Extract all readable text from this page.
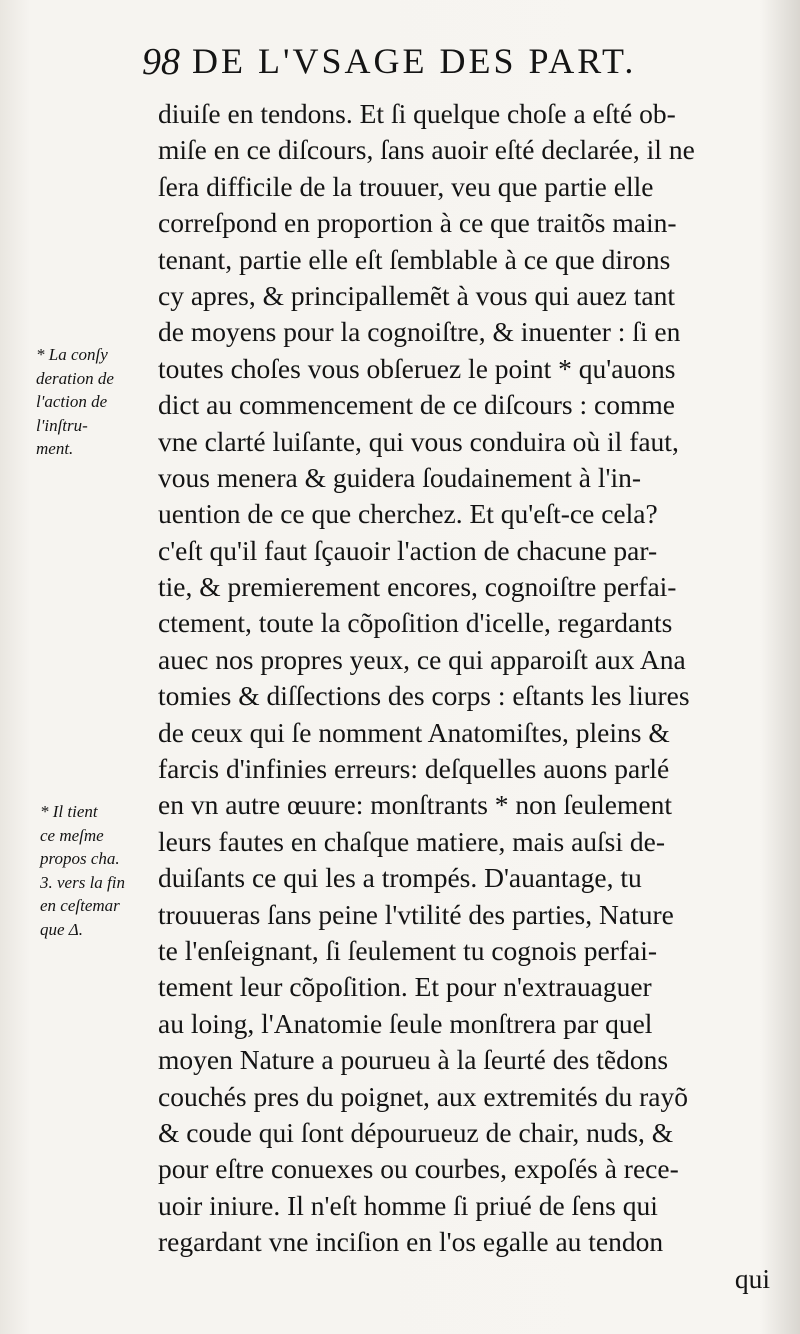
98 DE L'VSAGE DES PART.
* La conſy
deration de
l'action de
l'inſtru-
ment.
* Il tient
ce meſme
propos cha.
3. vers la fin
en ceſtemar
que Δ.
diuiſe en tendons. Et ſi quelque choſe a eſté ob-
miſe en ce diſcours, ſans auoir eſté declarée, il ne
ſera difficile de la trouuer, veu que partie elle
correſpond en proportion à ce que traitõs main-
tenant, partie elle eſt ſemblable à ce que dirons
cy apres, & principallemẽt à vous qui auez tant
de moyens pour la cognoiſtre, & inuenter : ſi en
toutes choſes vous obſeruez le point * qu'auons
dict au commencement de ce diſcours : comme
vne clarté luiſante, qui vous conduira où il faut,
vous menera & guidera ſoudainement à l'in-
uention de ce que cherchez. Et qu'eſt-ce cela?
c'eſt qu'il faut ſçauoir l'action de chacune par-
tie, & premierement encores, cognoiſtre perfai-
ctement, toute la cõpoſition d'icelle, regardants
auec nos propres yeux, ce qui apparoiſt aux Ana
tomies & diſſections des corps : eſtants les liures
de ceux qui ſe nomment Anatomiſtes, pleins &
farcis d'infinies erreurs: deſquelles auons parlé
en vn autre œuure: monſtrants * non ſeulement
leurs fautes en chaſque matiere, mais auſsi de-
duiſants ce qui les a trompés. D'auantage, tu
trouueras ſans peine l'vtilité des parties, Nature
te l'enſeignant, ſi ſeulement tu cognois perfai-
tement leur cõpoſition. Et pour n'extrauaguer
au loing, l'Anatomie ſeule monſtrera par quel
moyen Nature a pourueu à la ſeurté des tẽdons
couchés pres du poignet, aux extremités du rayõ
& coude qui ſont dépourueuz de chair, nuds, &
pour eſtre conuexes ou courbes, expoſés à rece-
uoir iniure. Il n'eſt homme ſi priué de ſens qui
regardant vne inciſion en l'os egalle au tendon
qui
